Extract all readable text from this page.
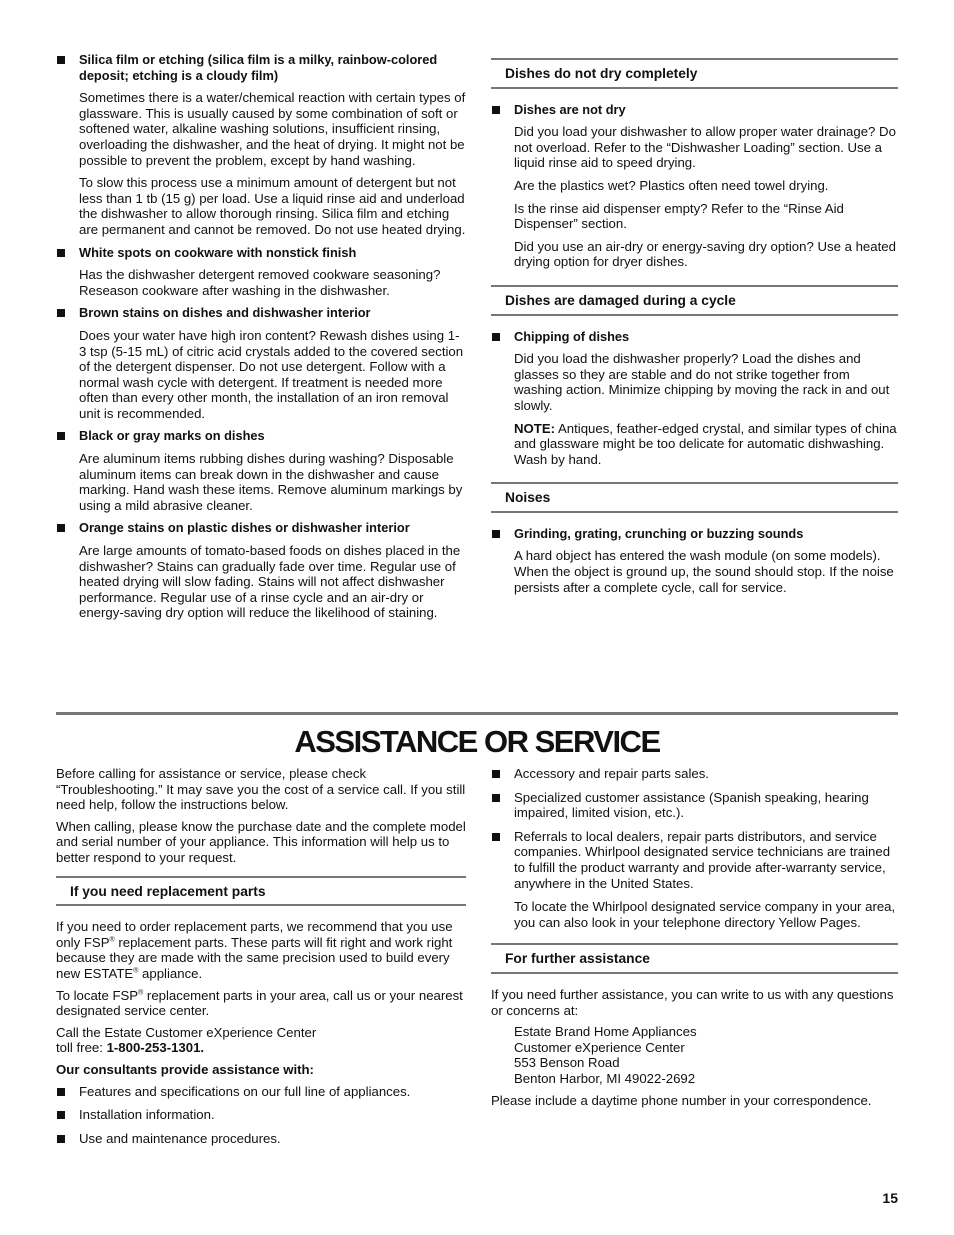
Silica film or etching (silica film is a milky, rainbow-colored deposit; etching is a cloudy film)
Sometimes there is a water/chemical reaction with certain types of glassware. This is usually caused by some combination of soft or softened water, alkaline washing solutions, insufficient rinsing, overloading the dishwasher, and the heat of drying. It might not be possible to prevent the problem, except by hand washing.
To slow this process use a minimum amount of detergent but not less than 1 tb (15 g) per load. Use a liquid rinse aid and underload the dishwasher to allow thorough rinsing. Silica film and etching are permanent and cannot be removed. Do not use heated drying.
White spots on cookware with nonstick finish
Has the dishwasher detergent removed cookware seasoning? Reseason cookware after washing in the dishwasher.
Brown stains on dishes and dishwasher interior
Does your water have high iron content? Rewash dishes using 1-3 tsp (5-15 mL) of citric acid crystals added to the covered section of the detergent dispenser. Do not use detergent. Follow with a normal wash cycle with detergent. If treatment is needed more often than every other month, the installation of an iron removal unit is recommended.
Black or gray marks on dishes
Are aluminum items rubbing dishes during washing? Disposable aluminum items can break down in the dishwasher and cause marking. Hand wash these items. Remove aluminum markings by using a mild abrasive cleaner.
Orange stains on plastic dishes or dishwasher interior
Are large amounts of tomato-based foods on dishes placed in the dishwasher? Stains can gradually fade over time. Regular use of heated drying will slow fading. Stains will not affect dishwasher performance. Regular use of a rinse cycle and an air-dry or energy-saving dry option will reduce the likelihood of staining.
Dishes do not dry completely
Dishes are not dry
Did you load your dishwasher to allow proper water drainage? Do not overload. Refer to the “Dishwasher Loading” section. Use a liquid rinse aid to speed drying.
Are the plastics wet? Plastics often need towel drying.
Is the rinse aid dispenser empty? Refer to the “Rinse Aid Dispenser” section.
Did you use an air-dry or energy-saving dry option? Use a heated drying option for dryer dishes.
Dishes are damaged during a cycle
Chipping of dishes
Did you load the dishwasher properly? Load the dishes and glasses so they are stable and do not strike together from washing action. Minimize chipping by moving the rack in and out slowly.
NOTE: Antiques, feather-edged crystal, and similar types of china and glassware might be too delicate for automatic dishwashing. Wash by hand.
Noises
Grinding, grating, crunching or buzzing sounds
A hard object has entered the wash module (on some models). When the object is ground up, the sound should stop. If the noise persists after a complete cycle, call for service.
ASSISTANCE OR SERVICE
Before calling for assistance or service, please check “Troubleshooting.” It may save you the cost of a service call. If you still need help, follow the instructions below.
When calling, please know the purchase date and the complete model and serial number of your appliance. This information will help us to better respond to your request.
If you need replacement parts
If you need to order replacement parts, we recommend that you use only FSP® replacement parts. These parts will fit right and work right because they are made with the same precision used to build every new ESTATE® appliance.
To locate FSP® replacement parts in your area, call us or your nearest designated service center.
Call the Estate Customer eXperience Center
toll free: 1-800-253-1301.
Our consultants provide assistance with:
Features and specifications on our full line of appliances.
Installation information.
Use and maintenance procedures.
Accessory and repair parts sales.
Specialized customer assistance (Spanish speaking, hearing impaired, limited vision, etc.).
Referrals to local dealers, repair parts distributors, and service companies. Whirlpool designated service technicians are trained to fulfill the product warranty and provide after-warranty service, anywhere in the United States.
To locate the Whirlpool designated service company in your area, you can also look in your telephone directory Yellow Pages.
For further assistance
If you need further assistance, you can write to us with any questions or concerns at:
Estate Brand Home Appliances
Customer eXperience Center
553 Benson Road
Benton Harbor, MI 49022-2692
Please include a daytime phone number in your correspondence.
15
